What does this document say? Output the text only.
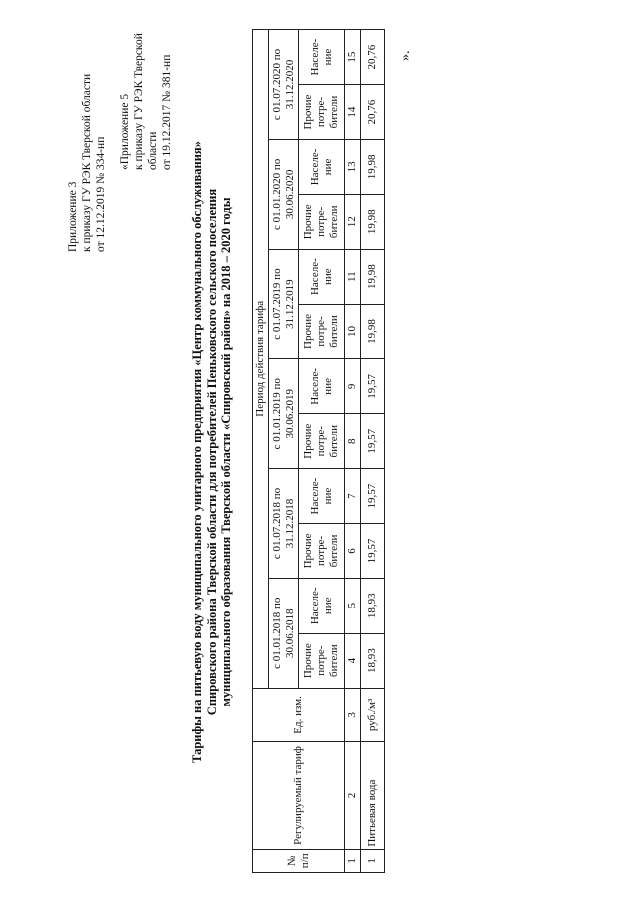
Приложение 3 к приказу ГУ РЭК Тверской области от 12.12.2019 № 334-нп
«Приложение 5 к приказу ГУ РЭК Тверской области от 19.12.2017 № 381-нп
Тарифы на питьевую воду муниципального унитарного предприятия «Центр коммунального обслуживания» Спировского района Тверской области для потребителей Пеньковского сельского поселения муниципального образования Тверской области «Спировский район» на 2018 – 2020 годы
№ п/п	Регулируемый тариф	Ед. изм.	Период действия тарифа											
			с 01.01.2018 по 30.06.2018		с 01.07.2018 по 31.12.2018		с 01.01.2019 по 30.06.2019		с 01.07.2019 по 31.12.2019		с 01.01.2020 по 30.06.2020		с 01.07.2020 по 31.12.2020	
			Прочие потре- бители	Населе- ние	Прочие потре- бители	Населе- ние	Прочие потре- бители	Населе- ние	Прочие потре- бители	Населе- ние	Прочие потре- бители	Населе- ние	Прочие потре- бители	Населе- ние
1	2	3	4	5	6	7	8	9	10	11	12	13	14	15
1	Питьевая вода	руб./м³	18,93	18,93	19,57	19,57	19,57	19,57	19,98	19,98	19,98	19,98	20,76	20,76 ».
